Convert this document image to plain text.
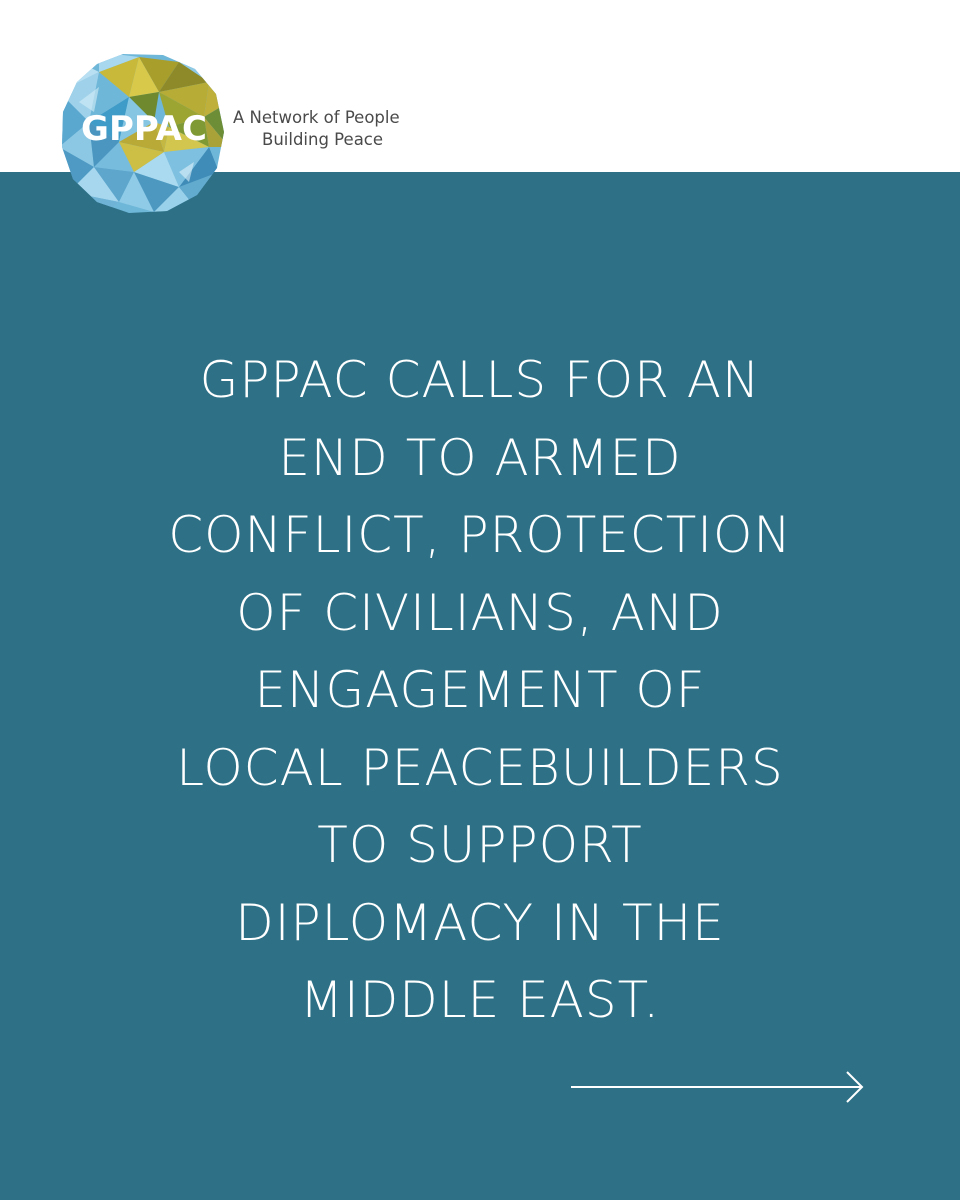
GPPAC	A Network of People
Building Peace
GPPAC CALLS FOR AN
END TO ARMED
CONFLICT, PROTECTION
OF CIVILIANS, AND
ENGAGEMENT OF
LOCAL PEACEBUILDERS
TO SUPPORT
DIPLOMACY IN THE
MIDDLE EAST.
